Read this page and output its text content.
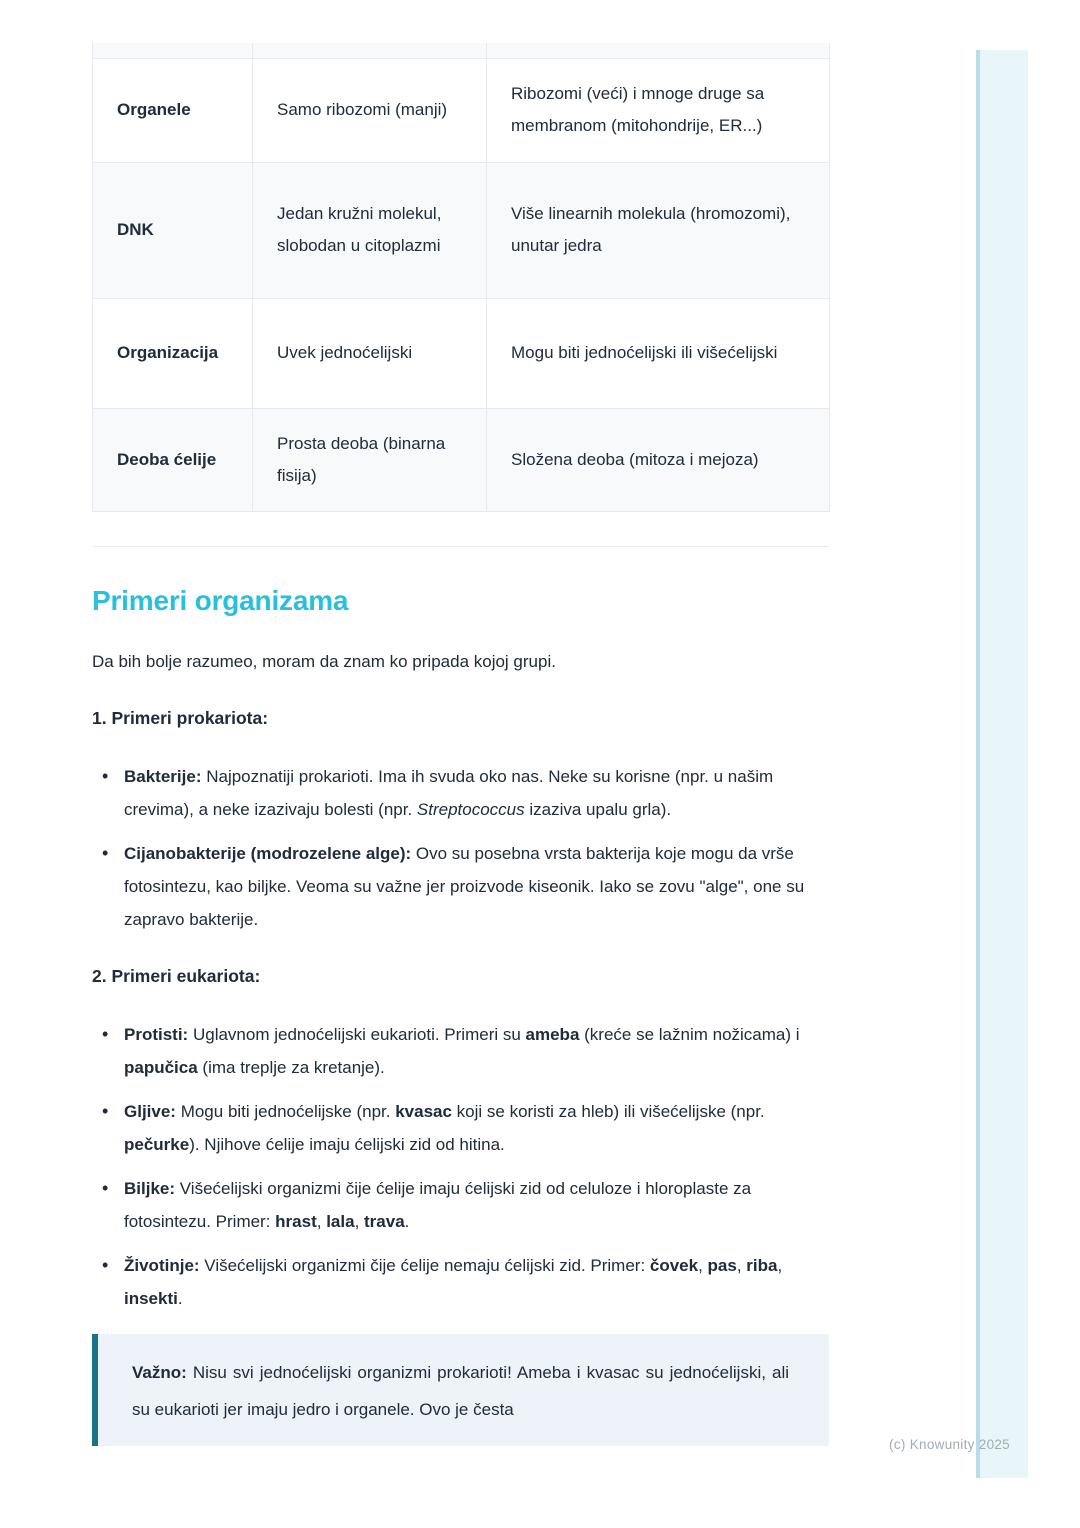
Organele	Samo ribozomi (manji)	Ribozomi (veći) i mnoge druge sa membranom (mitohondrije, ER...)
DNK	Jedan kružni molekul, slobodan u citoplazmi	Više linearnih molekula (hromozomi), unutar jedra
Organizacija	Uvek jednoćelijski	Mogu biti jednoćelijski ili višećelijski
Deoba ćelije	Prosta deoba (binarna fisija)	Složena deoba (mitoza i mejoza)
Primeri organizama

Da bih bolje razumeo, moram da znam ko pripada kojoj grupi.

1. Primeri prokariota:

• Bakterije: Najpoznatiji prokarioti. Ima ih svuda oko nas. Neke su korisne (npr. u našim crevima), a neke izazivaju bolesti (npr. Streptococcus izaziva upalu grla).
• Cijanobakterije (modrozelene alge): Ovo su posebna vrsta bakterija koje mogu da vrše fotosintezu, kao biljke. Veoma su važne jer proizvode kiseonik. Iako se zovu "alge", one su zapravo bakterije.

2. Primeri eukariota:

• Protisti: Uglavnom jednoćelijski eukarioti. Primeri su ameba (kreće se lažnim nožicama) i papučica (ima treplje za kretanje).
• Gljive: Mogu biti jednoćelijske (npr. kvasac koji se koristi za hleb) ili višećelijske (npr. pečurke). Njihove ćelije imaju ćelijski zid od hitina.
• Biljke: Višećelijski organizmi čije ćelije imaju ćelijski zid od celuloze i hloroplaste za fotosintezu. Primer: hrast, lala, trava.
• Životinje: Višećelijski organizmi čije ćelije nemaju ćelijski zid. Primer: čovek, pas, riba, insekti.

Važno: Nisu svi jednoćelijski organizmi prokarioti! Ameba i kvasac su jednoćelijski, ali su eukarioti jer imaju jedro i organele. Ovo je česta

(c) Knowunity 2025
